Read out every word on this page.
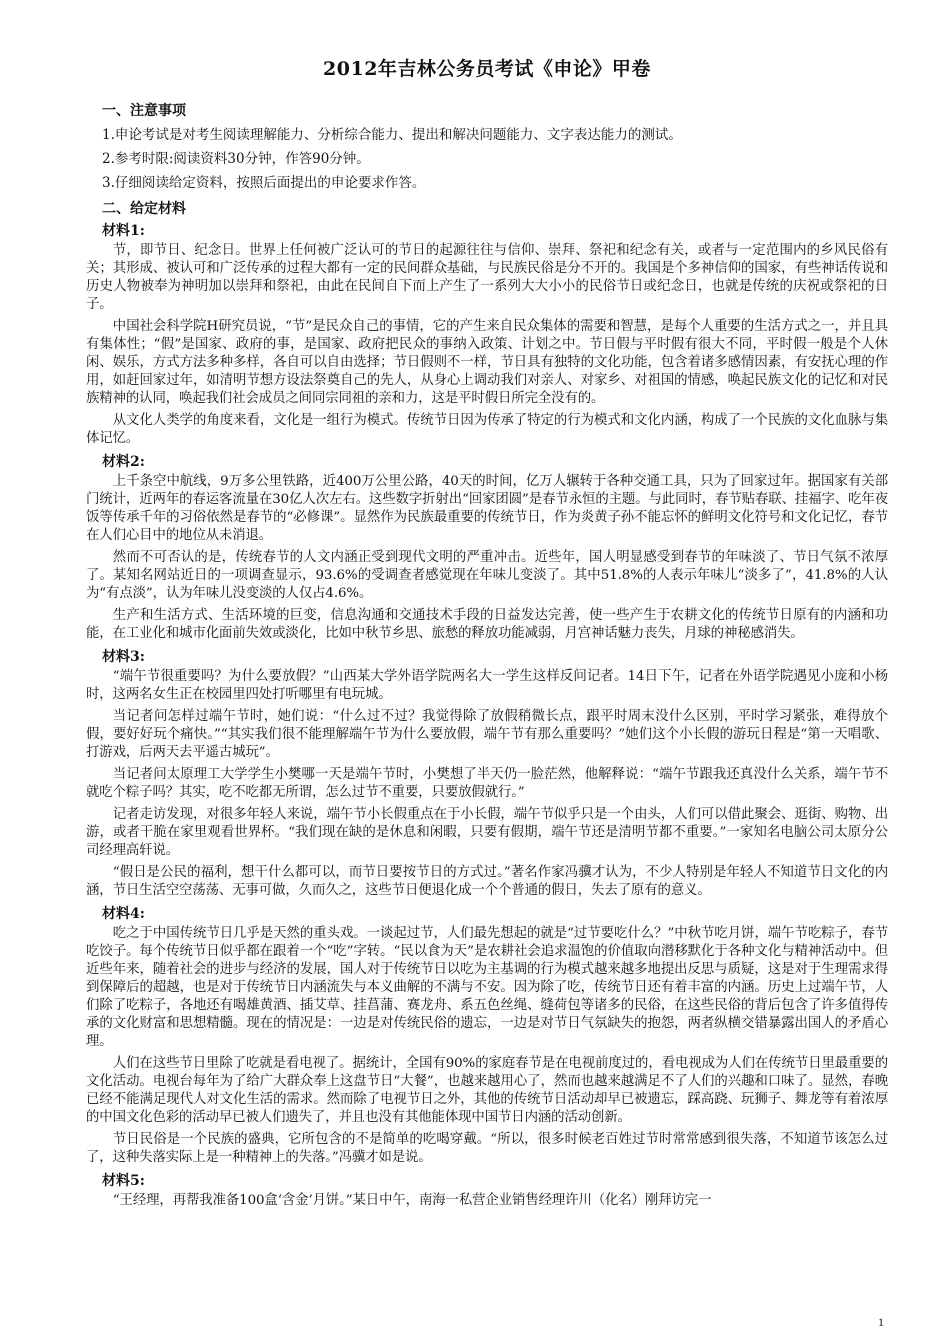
2012年吉林公务员考试《申论》甲卷
一、注意事项
1.申论考试是对考生阅读理解能力、分析综合能力、提出和解决问题能力、文字表达能力的测试。
2.参考时限:阅读资料30分钟，作答90分钟。
3.仔细阅读给定资料，按照后面提出的申论要求作答。
二、给定材料
材料1:

节，即节日、纪念日。世界上任何被广泛认可的节日的起源往往与信仰、崇拜、祭祀和纪念有关，或者与一定范围内的乡风民俗有关；其形成、被认可和广泛传承的过程大都有一定的民间群众基础，与民族民俗是分不开的。我国是个多神信仰的国家，有些神话传说和历史人物被奉为神明加以崇拜和祭祀，由此在民间自下而上产生了一系列大大小小的民俗节日或纪念日，也就是传统的庆祝或祭祀的日子。

中国社会科学院H研究员说，“节”是民众自己的事情，它的产生来自民众集体的需要和智慧，是每个人重要的生活方式之一，并且具有集体性；“假”是国家、政府的事，是国家、政府把民众的事纳入政策、计划之中。节日假与平时假有很大不同，平时假一般是个人休闲、娱乐，方式方法多种多样，各自可以自由选择；节日假则不一样，节日具有独特的文化功能，包含着诸多感情因素，有安抚心理的作用，如赶回家过年，如清明节想方设法祭奠自己的先人，从身心上调动我们对亲人、对家乡、对祖国的情感，唤起民族文化的记忆和对民族精神的认同，唤起我们社会成员之间同宗同祖的亲和力，这是平时假日所完全没有的。

从文化人类学的角度来看，文化是一组行为模式。传统节日因为传承了特定的行为模式和文化内涵，构成了一个民族的文化血脉与集体记忆。

材料2:

上千条空中航线，9万多公里铁路，近400万公里公路，40天的时间，亿万人辗转于各种交通工具，只为了回家过年。据国家有关部门统计，近两年的春运客流量在30亿人次左右。这些数字折射出“回家团圆”是春节永恒的主题。与此同时，春节贴春联、挂福字、吃年夜饭等传承千年的习俗依然是春节的“必修课”。显然作为民族最重要的传统节日，作为炎黄子孙不能忘怀的鲜明文化符号和文化记忆，春节在人们心目中的地位从未消退。

然而不可否认的是，传统春节的人文内涵正受到现代文明的严重冲击。近些年，国人明显感受到春节的年味淡了、节日气氛不浓厚了。某知名网站近日的一项调查显示，93.6%的受调查者感觉现在年味儿变淡了。其中51.8%的人表示年味儿“淡多了”，41.8%的人认为“有点淡”，认为年味儿没变淡的人仅占4.6%。

生产和生活方式、生活环境的巨变，信息沟通和交通技术手段的日益发达完善，使一些产生于农耕文化的传统节日原有的内涵和功能，在工业化和城市化面前失效或淡化，比如中秋节乡思、旅愁的释放功能减弱，月宫神话魅力丧失，月球的神秘感消失。

材料3:

“端午节很重要吗？为什么要放假？”山西某大学外语学院两名大一学生这样反问记者。14日下午，记者在外语学院遇见小庞和小杨时，这两名女生正在校园里四处打听哪里有电玩城。

当记者问怎样过端午节时，她们说：“什么过不过？我觉得除了放假稍微长点，跟平时周末没什么区别，平时学习紧张，难得放个假，要好好玩个痛快。”“其实我们很不能理解端午节为什么要放假，端午节有那么重要吗？”她们这个小长假的游玩日程是“第一天唱歌、打游戏，后两天去平遥古城玩”。

当记者问太原理工大学学生小樊哪一天是端午节时，小樊想了半天仍一脸茫然，他解释说：“端午节跟我还真没什么关系，端午节不就吃个粽子吗？其实，吃不吃都无所谓，怎么过节不重要，只要放假就行。”

记者走访发现，对很多年轻人来说，端午节小长假重点在于小长假，端午节似乎只是一个由头，人们可以借此聚会、逛街、购物、出游，或者干脆在家里观看世界杯。“我们现在缺的是休息和闲暇，只要有假期，端午节还是清明节都不重要。”一家知名电脑公司太原分公司经理高轩说。

“假日是公民的福利，想干什么都可以，而节日要按节日的方式过。”著名作家冯骥才认为，不少人特别是年轻人不知道节日文化的内涵，节日生活空空荡荡、无事可做，久而久之，这些节日便退化成一个个普通的假日，失去了原有的意义。

材料4:

吃之于中国传统节日几乎是天然的重头戏。一谈起过节，人们最先想起的就是“过节要吃什么？”中秋节吃月饼，端午节吃粽子，春节吃饺子。每个传统节日似乎都在跟着一个“吃”字转。“民以食为天”是农耕社会追求温饱的价值取向潜移默化于各种文化与精神活动中。但近些年来，随着社会的进步与经济的发展，国人对于传统节日以吃为主基调的行为模式越来越多地提出反思与质疑，这是对于生理需求得到保障后的超越，也是对于传统节日内涵流失与本义曲解的不满与不安。因为除了吃，传统节日还有着丰富的内涵。历史上过端午节，人们除了吃粽子，各地还有喝雄黄酒、插艾草、挂菖蒲、赛龙舟、系五色丝绳、缝荷包等诸多的民俗，在这些民俗的背后包含了许多值得传承的文化财富和思想精髓。现在的情况是：一边是对传统民俗的遗忘，一边是对节日气氛缺失的抱怨，两者纵横交错暴露出国人的矛盾心理。

人们在这些节日里除了吃就是看电视了。据统计，全国有90%的家庭春节是在电视前度过的，看电视成为人们在传统节日里最重要的文化活动。电视台每年为了给广大群众奉上这盘节日“大餐”，也越来越用心了，然而也越来越满足不了人们的兴趣和口味了。显然，春晚已经不能满足现代人对文化生活的需求。然而除了电视节日之外，其他的传统节日活动却早已被遗忘，踩高跷、玩狮子、舞龙等有着浓厚的中国文化色彩的活动早已被人们遗失了，并且也没有其他能体现中国节日内涵的活动创新。

节日民俗是一个民族的盛典，它所包含的不是简单的吃喝穿戴。“所以，很多时候老百姓过节时常常感到很失落，不知道节该怎么过了，这种失落实际上是一种精神上的失落。”冯骥才如是说。

材料5:

“王经理，再帮我准备100盒‘含金’月饼。”某日中午，南海一私营企业销售经理许川（化名）刚拜访完一

1
